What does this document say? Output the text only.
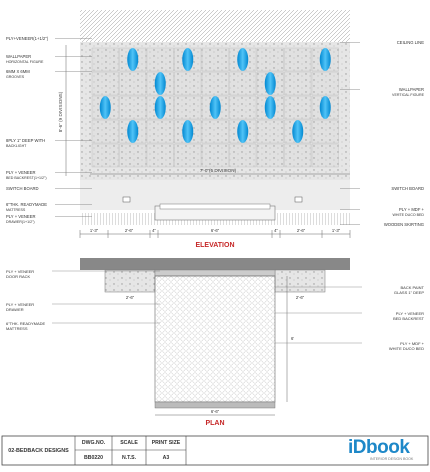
7'-0"(5 DIVISION)
8'-6" (9 DIVISIONS)
1'-3"	2'-6"	4"	6'-6"	4"	2'-6"	1'-3"
PLY+VENEER(1+1/2")
WALLPAPER
HORIZONTAL FIGURE
6MM X 6MM
GROOVES
8PLY 1" DEEP WITH
BACKLIGHT
PLY + VENEER
BED BACKREST(1+1/2")
SWITCH BOARD
6"THK. READYMADE
MATTRESS
PLY + VENEER
DRAWER(1+1/2")
CEILING LINE
WALLPAPER
VERTICAL FIGURE
SWITCH BOARD
PLY + MDF +
WHITE DUCO BED
WOODEN SKIRTING
ELEVATION
2'-6"	2'-6"
6'-6"
6'
PLY + VENEER
DOOR RACK
PLY + VENEER
DRAWER
6"THK. READYMADE
MATTRESS
BACK PAINT
GLASS 1" DEEP
PLY + VENEER
BED BACKREST
PLY + MDF +
WHITE DUCO BED
PLAN
02-BEDBACK DESIGNS
DWG.NO.
BB0220
SCALE
N.T.S.
PRINT SIZE
A3	iDbook
INTERIOR DESIGN BOOK
